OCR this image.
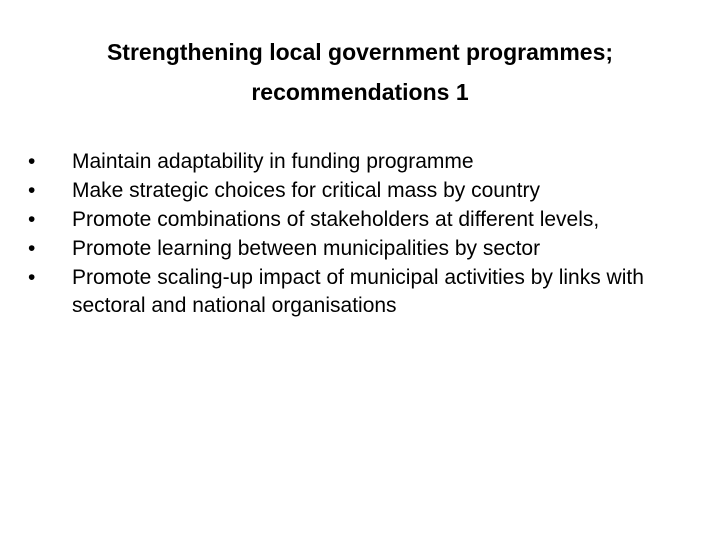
Strengthening local government programmes;
recommendations 1
•	Maintain adaptability in funding programme
•	Make strategic choices for critical mass by country
•	Promote combinations of stakeholders at different levels,
•	Promote learning between municipalities by sector
•	Promote scaling-up impact of municipal activities by links with sectoral and national organisations
